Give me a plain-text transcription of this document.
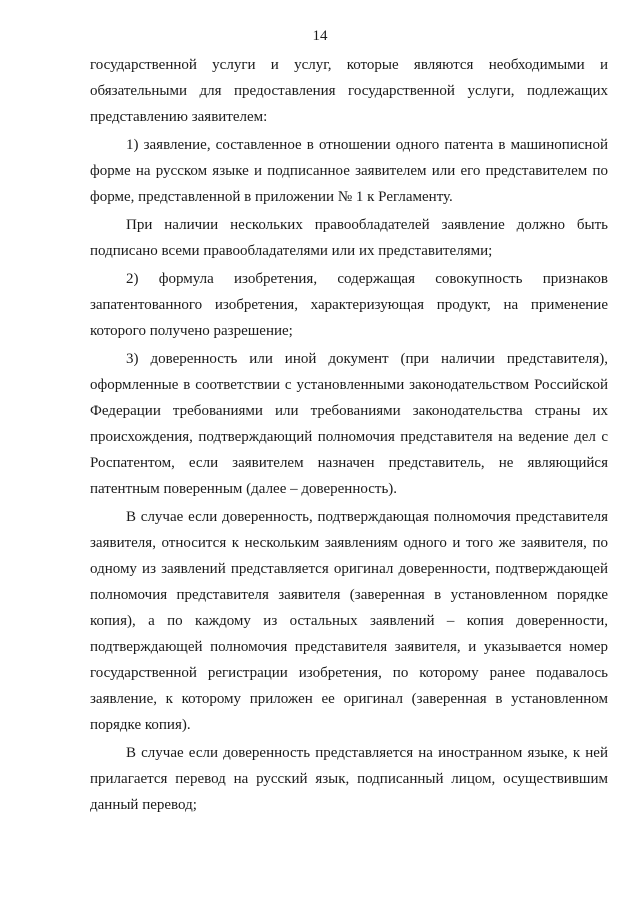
14

государственной услуги и услуг, которые являются необходимыми и обязательными для предоставления государственной услуги, подлежащих представлению заявителем:

1) заявление, составленное в отношении одного патента в машинописной форме на русском языке и подписанное заявителем или его представителем по форме, представленной в приложении № 1 к Регламенту.

При наличии нескольких правообладателей заявление должно быть подписано всеми правообладателями или их представителями;

2) формула изобретения, содержащая совокупность признаков запатентованного изобретения, характеризующая продукт, на применение которого получено разрешение;

3) доверенность или иной документ (при наличии представителя), оформленные в соответствии с установленными законодательством Российской Федерации требованиями или требованиями законодательства страны их происхождения, подтверждающий полномочия представителя на ведение дел с Роспатентом, если заявителем назначен представитель, не являющийся патентным поверенным (далее – доверенность).

В случае если доверенность, подтверждающая полномочия представителя заявителя, относится к нескольким заявлениям одного и того же заявителя, по одному из заявлений представляется оригинал доверенности, подтверждающей полномочия представителя заявителя (заверенная в установленном порядке копия), а по каждому из остальных заявлений – копия доверенности, подтверждающей полномочия представителя заявителя, и указывается номер государственной регистрации изобретения, по которому ранее подавалось заявление, к которому приложен ее оригинал (заверенная в установленном порядке копия).

В случае если доверенность представляется на иностранном языке, к ней прилагается перевод на русский язык, подписанный лицом, осуществившим данный перевод;
